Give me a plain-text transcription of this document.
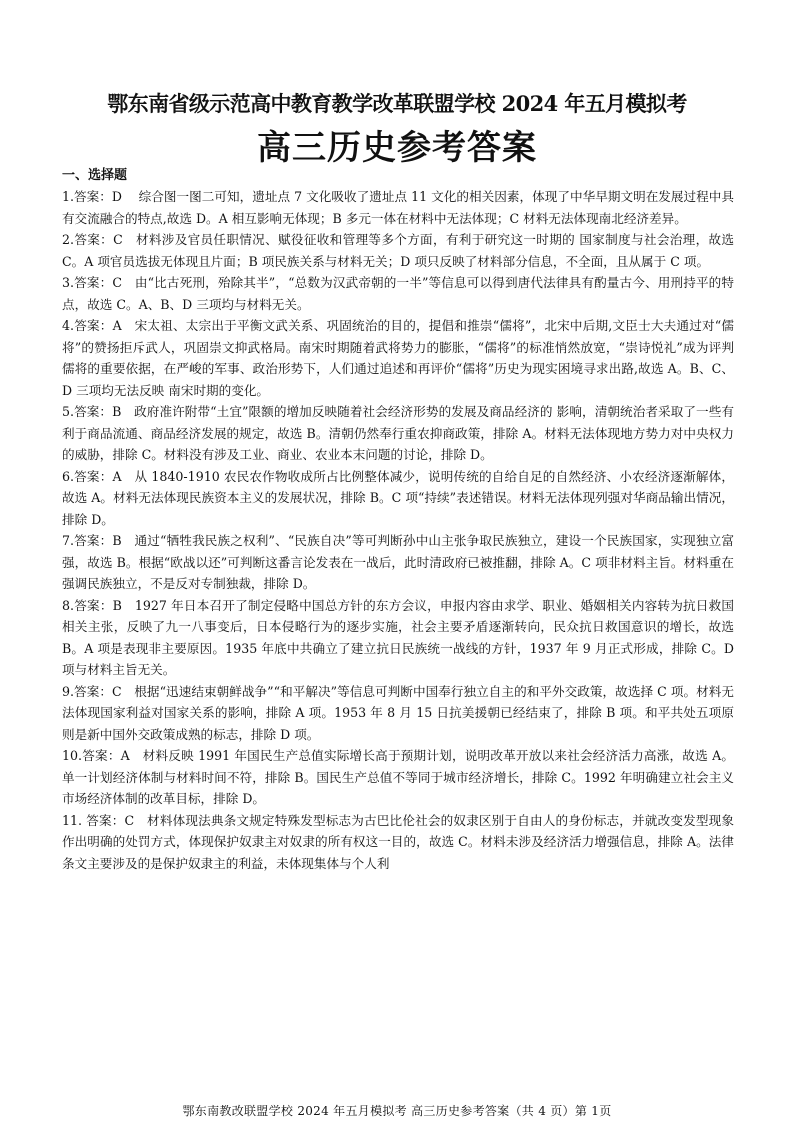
鄂东南省级示范高中教育教学改革联盟学校 2024 年五月模拟考
高三历史参考答案
一、选择题

1.答案：D　 综合图一图二可知，遗址点 7 文化吸收了遗址点 11 文化的相关因素，体现了中华早期文明在发展过程中具有交流融合的特点,故选 D。A 相互影响无体现；B 多元一体在材料中无法体现；C 材料无法体现南北经济差异。

2.答案：C　材料涉及官员任职情况、赋役征收和管理等多个方面，有利于研究这一时期的 国家制度与社会治理，故选 C。A 项官员选拔无体现且片面；B 项民族关系与材料无关；D 项只反映了材料部分信息，不全面，且从属于 C 项。

3.答案：C　由“比古死刑，殆除其半”，“总数为汉武帝朝的一半”等信息可以得到唐代法律具有酌量古今、用刑持平的特点，故选 C。A、B、D 三项均与材料无关。

4.答案：A　宋太祖、太宗出于平衡文武关系、巩固统治的目的，提倡和推崇“儒将”，北宋中后期,文臣士大夫通过对“儒将”的赞扬拒斥武人，巩固崇文抑武格局。南宋时期随着武将势力的膨胀，“儒将”的标准悄然放宽，“崇诗悦礼”成为评判儒将的重要依据，在严峻的军事、政治形势下，人们通过追述和再评价“儒将”历史为现实困境寻求出路,故选 A。B、C、D 三项均无法反映 南宋时期的变化。

5.答案：B　政府准许附带“土宜”限额的增加反映随着社会经济形势的发展及商品经济的 影响，清朝统治者采取了一些有利于商品流通、商品经济发展的规定，故选 B。清朝仍然奉行重农抑商政策，排除 A。材料无法体现地方势力对中央权力的威胁，排除 C。材料没有涉及工业、商业、农业本末问题的讨论，排除 D。

6.答案：A　从 1840-1910 农民农作物收成所占比例整体减少，说明传统的自给自足的自然经济、小农经济逐渐解体，故选 A。材料无法体现民族资本主义的发展状况，排除 B。C 项“持续”表述错误。材料无法体现列强对华商品输出情况，排除 D。

7.答案：B　通过“牺牲我民族之权利”、“民族自决”等可判断孙中山主张争取民族独立，建设一个民族国家，实现独立富强，故选 B。根据“欧战以还”可判断这番言论发表在一战后，此时清政府已被推翻，排除 A。C 项非材料主旨。材料重在强调民族独立，不是反对专制独裁，排除 D。

8.答案：B　1927 年日本召开了制定侵略中国总方针的东方会议，申报内容由求学、职业、婚姻相关内容转为抗日救国相关主张，反映了九一八事变后，日本侵略行为的逐步实施，社会主要矛盾逐渐转向，民众抗日救国意识的增长，故选 B。A 项是表现非主要原因。1935 年底中共确立了建立抗日民族统一战线的方针，1937 年 9 月正式形成，排除 C。D 项与材料主旨无关。

9.答案：C　根据“迅速结束朝鲜战争”“和平解决”等信息可判断中国奉行独立自主的和平外交政策，故选择 C 项。材料无法体现国家利益对国家关系的影响，排除 A 项。1953 年 8 月 15 日抗美援朝已经结束了，排除 B 项。和平共处五项原则是新中国外交政策成熟的标志，排除 D 项。

10.答案：A　材料反映 1991 年国民生产总值实际增长高于预期计划，说明改革开放以来社会经济活力高涨，故选 A。单一计划经济体制与材料时间不符，排除 B。国民生产总值不等同于城市经济增长，排除 C。1992 年明确建立社会主义市场经济体制的改革目标，排除 D。

11. 答案：C　材料体现法典条文规定特殊发型标志为古巴比伦社会的奴隶区别于自由人的身份标志，并就改变发型现象作出明确的处罚方式，体现保护奴隶主对奴隶的所有权这一目的，故选 C。材料未涉及经济活力增强信息，排除 A。法律条文主要涉及的是保护奴隶主的利益，未体现集体与个人利

鄂东南教改联盟学校 2024 年五月模拟考 高三历史参考答案（共 4 页）第 1页
